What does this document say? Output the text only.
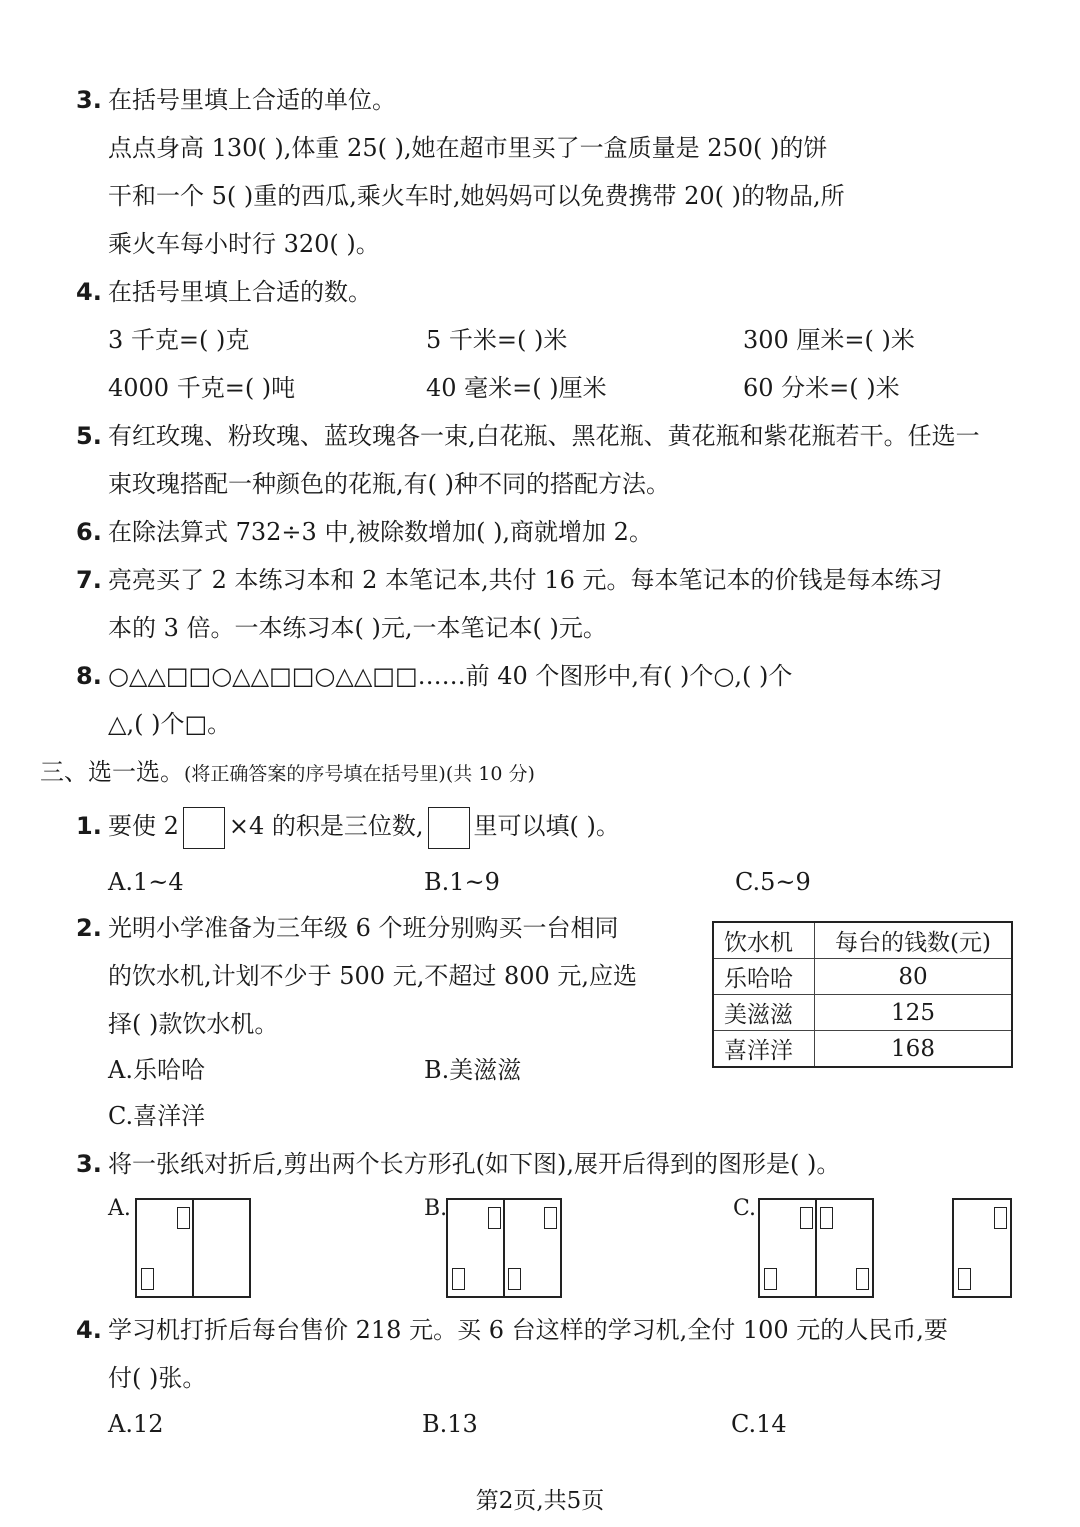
3. 在括号里填上合适的单位。
点点身高 130( ),体重 25( ),她在超市里买了一盒质量是 250( )的饼
干和一个 5( )重的西瓜,乘火车时,她妈妈可以免费携带 20( )的物品,所
乘火车每小时行 320( )。
4. 在括号里填上合适的数。
3 千克=( )克	5 千米=( )米	300 厘米=( )米
4000 千克=( )吨	40 毫米=( )厘米	60 分米=( )米
5. 有红玫瑰、粉玫瑰、蓝玫瑰各一束,白花瓶、黑花瓶、黄花瓶和紫花瓶若干。任选一
束玫瑰搭配一种颜色的花瓶,有( )种不同的搭配方法。
6. 在除法算式 732÷3 中,被除数增加( ),商就增加 2。
7. 亮亮买了 2 本练习本和 2 本笔记本,共付 16 元。每本笔记本的价钱是每本练习
本的 3 倍。一本练习本( )元,一本笔记本( )元。
8. ○△△□□○△△□□○△△□□……前 40 个图形中,有( )个○,( )个
△,( )个□。
三、选一选。(将正确答案的序号填在括号里)(共 10 分)
1. 要使 2 ×4 的积是三位数, 里可以填( )。
A.1~4	B.1~9	C.5~9
2. 光明小学准备为三年级 6 个班分别购买一台相同
的饮水机,计划不少于 500 元,不超过 800 元,应选
择( )款饮水机。
A.乐哈哈	B.美滋滋
C.喜洋洋
饮水机	每台的钱数(元)
乐哈哈	80
美滋滋	125
喜洋洋	168
3. 将一张纸对折后,剪出两个长方形孔(如下图),展开后得到的图形是( )。
A.	B.	C.
4. 学习机打折后每台售价 218 元。买 6 台这样的学习机,全付 100 元的人民币,要
付( )张。
A.12	B.13	C.14
第2页,共5页
